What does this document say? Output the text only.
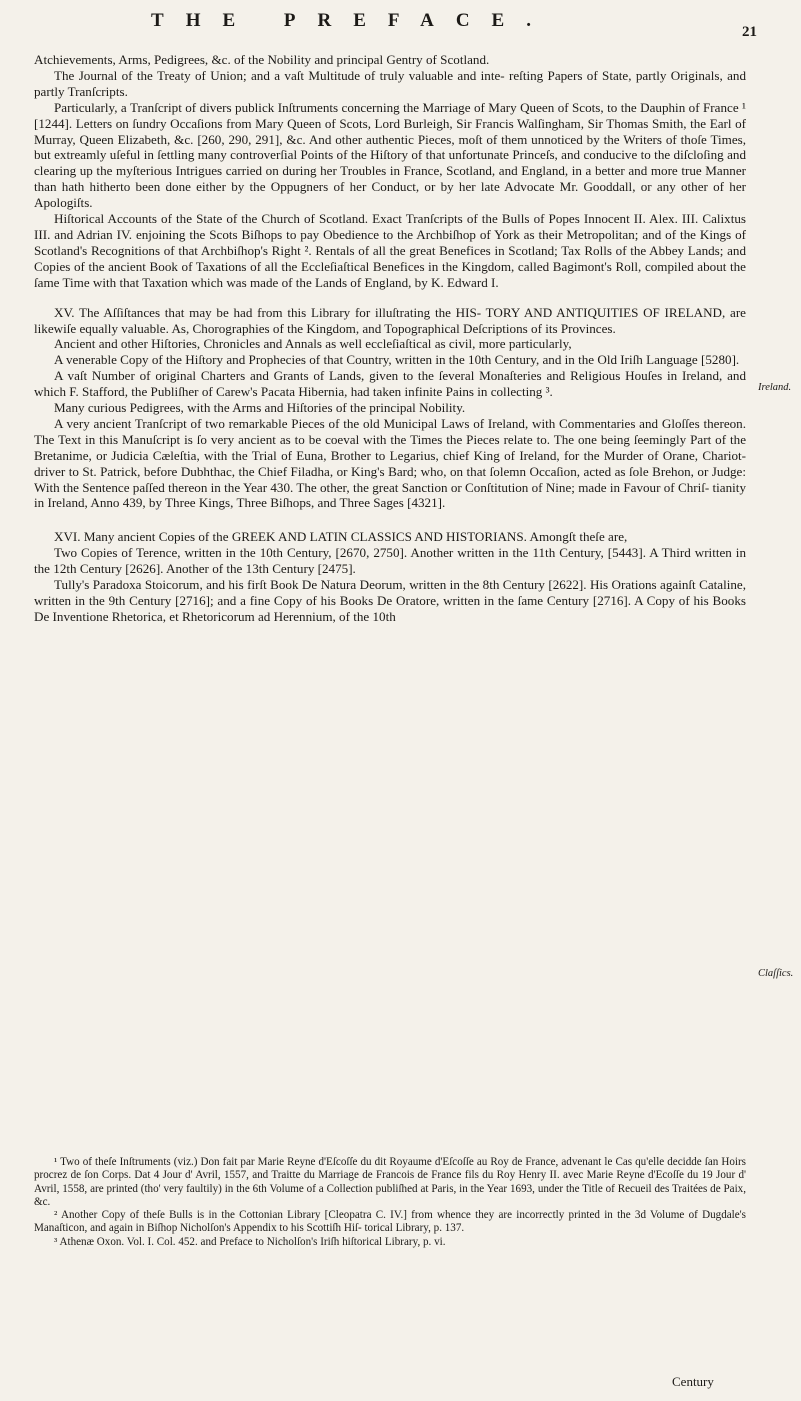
THE PREFACE.
21

Atchievements, Arms, Pedigrees, &c. of the Nobility and principal Gentry of Scotland.

The Journal of the Treaty of Union; and a vaſt Multitude of truly valuable and inte- reſting Papers of State, partly Originals, and partly Tranſcripts.

Particularly, a Tranſcript of divers publick Inſtruments concerning the Marriage of Mary Queen of Scots, to the Dauphin of France ¹ [1244]. Letters on ſundry Occaſions from Mary Queen of Scots, Lord Burleigh, Sir Francis Walſingham, Sir Thomas Smith, the Earl of Murray, Queen Elizabeth, &c. [260, 290, 291], &c. And other authentic Pieces, moſt of them unnoticed by the Writers of thoſe Times, but extreamly uſeful in ſettling many controverſial Points of the Hiſtory of that unfortunate Princeſs, and conducive to the diſcloſing and clearing up the myſterious Intrigues carried on during her Troubles in France, Scotland, and England, in a better and more true Manner than hath hitherto been done either by the Oppugners of her Conduct, or by her late Advocate Mr. Gooddall, or any other of her Apologiſts.

Hiſtorical Accounts of the State of the Church of Scotland. Exact Tranſcripts of the Bulls of Popes Innocent II. Alex. III. Calixtus III. and Adrian IV. enjoining the Scots Biſhops to pay Obedience to the Archbiſhop of York as their Metropolitan; and of the Kings of Scotland's Recognitions of that Archbiſhop's Right ². Rentals of all the great Benefices in Scotland; Tax Rolls of the Abbey Lands; and Copies of the ancient Book of Taxations of all the Eccleſiaſtical Benefices in the Kingdom, called Bagimont's Roll, compiled about the ſame Time with that Taxation which was made of the Lands of England, by K. Edward I.

XV. The Aſſiſtances that may be had from this Library for illuſtrating the HIS- TORY AND ANTIQUITIES OF IRELAND, are likewiſe equally valuable. As, Chorographies of the Kingdom, and Topographical Deſcriptions of its Provinces.

Ancient and other Hiſtories, Chronicles and Annals as well eccleſiaſtical as civil, more particularly,

A venerable Copy of the Hiſtory and Prophecies of that Country, written in the 10th Century, and in the Old Iriſh Language [5280].

A vaſt Number of original Charters and Grants of Lands, given to the ſeveral Monaſteries and Religious Houſes in Ireland, and which F. Stafford, the Publiſher of Carew's Pacata Hibernia, had taken infinite Pains in collecting ³.

Many curious Pedigrees, with the Arms and Hiſtories of the principal Nobility.

A very ancient Tranſcript of two remarkable Pieces of the old Municipal Laws of Ireland, with Commentaries and Gloſſes thereon. The Text in this Manuſcript is ſo very ancient as to be coeval with the Times the Pieces relate to. The one being ſeemingly Part of the Bretanime, or Judicia Cæleſtia, with the Trial of Euna, Brother to Legarius, chief King of Ireland, for the Murder of Orane, Chariot-driver to St. Patrick, before Dubhthac, the Chief Filadha, or King's Bard; who, on that ſolemn Occaſion, acted as ſole Brehon, or Judge: With the Sentence paſſed thereon in the Year 430. The other, the great Sanction or Conſtitution of Nine; made in Favour of Chriſ- tianity in Ireland, Anno 439, by Three Kings, Three Biſhops, and Three Sages [4321].

XVI. Many ancient Copies of the GREEK AND LATIN CLASSICS AND HISTORIANS. Amongſt theſe are,

Two Copies of Terence, written in the 10th Century, [2670, 2750]. Another written in the 11th Century, [5443]. A Third written in the 12th Century [2626]. Another of the 13th Century [2475].

Tully's Paradoxa Stoicorum, and his firſt Book De Natura Deorum, written in the 8th Century [2622]. His Orations againſt Cataline, written in the 9th Century [2716]; and a fine Copy of his Books De Oratore, written in the ſame Century [2716]. A Copy of his Books De Inventione Rhetorica, et Rhetoricorum ad Herennium, of the 10th

Ireland.
Claſſics.

¹ Two of theſe Inſtruments (viz.) Don fait par Marie Reyne d'Eſcoſſe du dit Royaume d'Eſcoſſe au Roy de France, advenant le Cas qu'elle decidde ſan Hoirs procrez de ſon Corps. Dat 4 Jour d' Avril, 1557, and Traitte du Marriage de Francois de France fils du Roy Henry II. avec Marie Reyne d'Ecoſſe du 19 Jour d' Avril, 1558, are printed (tho' very faultily) in the 6th Volume of a Collection publiſhed at Paris, in the Year 1693, under the Title of Recueil des Traitées de Paix, &c.

² Another Copy of theſe Bulls is in the Cottonian Library [Cleopatra C. IV.] from whence they are incorrectly printed in the 3d Volume of Dugdale's Manaſticon, and again in Biſhop Nicholſon's Appendix to his Scottiſh Hiſ- torical Library, p. 137.

³ Athenæ Oxon. Vol. I. Col. 452. and Preface to Nicholſon's Iriſh hiſtorical Library, p. vi.

Century
